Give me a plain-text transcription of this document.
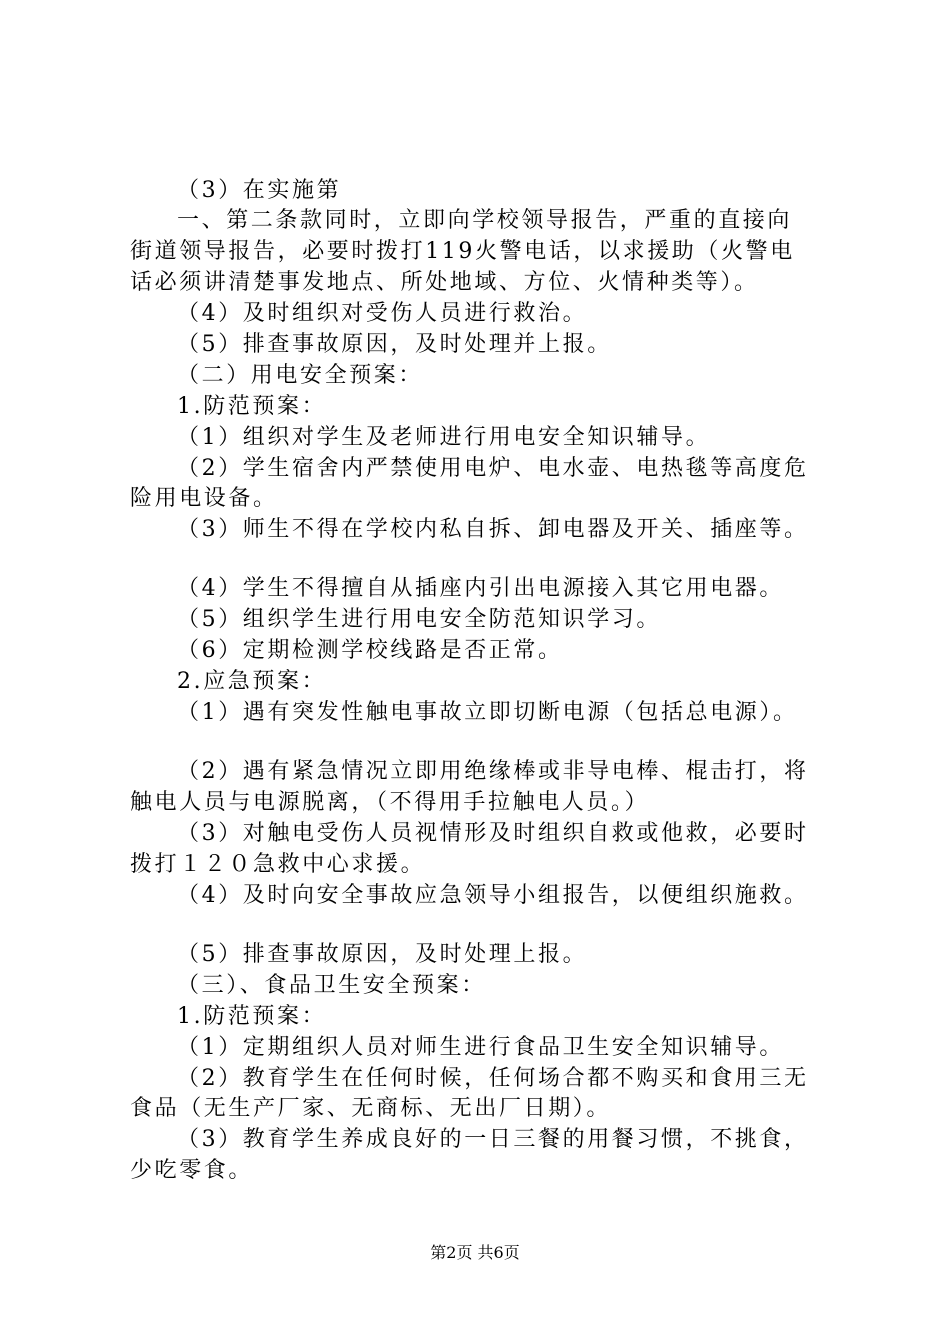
（3）在实施第
一、第二条款同时，立即向学校领导报告，严重的直接向
街道领导报告，必要时拨打119火警电话，以求援助（火警电
话必须讲清楚事发地点、所处地域、方位、火情种类等）。
（4）及时组织对受伤人员进行救治。
（5）排查事故原因，及时处理并上报。
（二）用电安全预案：
1.防范预案：
（1）组织对学生及老师进行用电安全知识辅导。
（2）学生宿舍内严禁使用电炉、电水壶、电热毯等高度危
险用电设备。
（3）师生不得在学校内私自拆、卸电器及开关、插座等。
（4）学生不得擅自从插座内引出电源接入其它用电器。
（5）组织学生进行用电安全防范知识学习。
（6）定期检测学校线路是否正常。
2.应急预案：
（1）遇有突发性触电事故立即切断电源（包括总电源）。
（2）遇有紧急情况立即用绝缘棒或非导电棒、棍击打，将
触电人员与电源脱离，（不得用手拉触电人员。）
（3）对触电受伤人员视情形及时组织自救或他救，必要时
拨打１２０急救中心求援。
（4）及时向安全事故应急领导小组报告，以便组织施救。
（5）排查事故原因，及时处理上报。
（三）、食品卫生安全预案：
1.防范预案：
（1）定期组织人员对师生进行食品卫生安全知识辅导。
（2）教育学生在任何时候，任何场合都不购买和食用三无
食品（无生产厂家、无商标、无出厂日期）。
（3）教育学生养成良好的一日三餐的用餐习惯，不挑食，
少吃零食。
第2页 共6页
